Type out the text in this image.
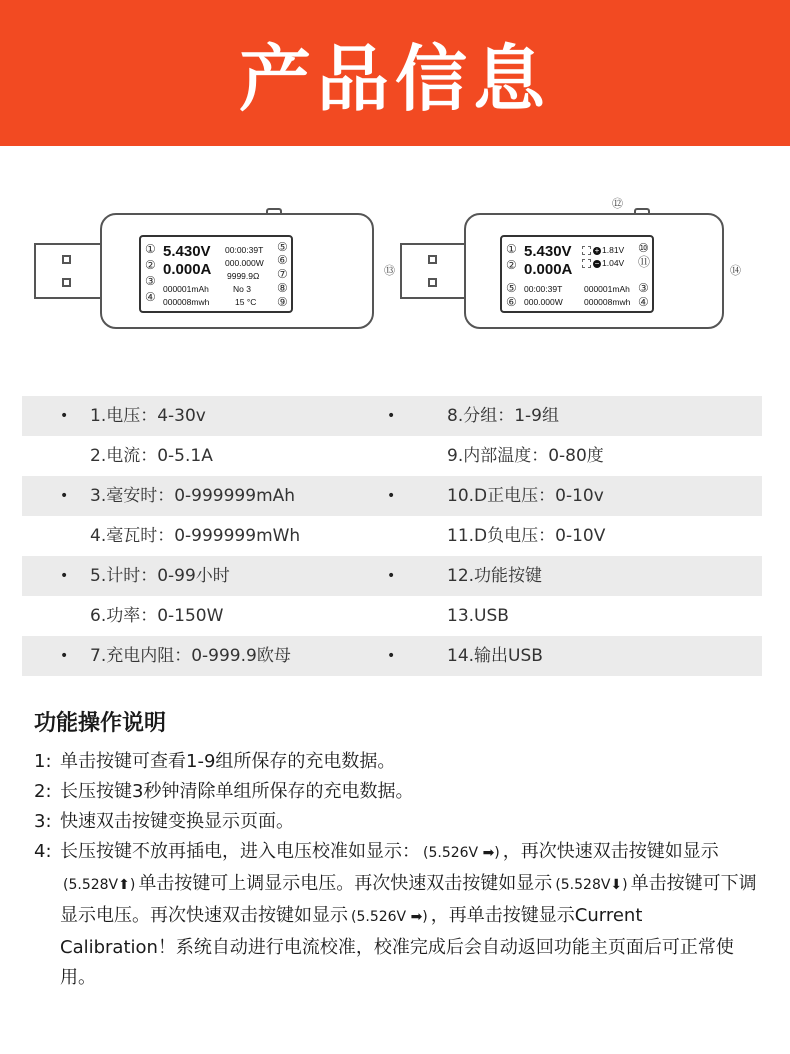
产品信息
5.430V
0.000A
000001mAh
000008mwh
00:00:39T
000.000W
9999.9Ω
No 3
15 °C
①
②
③
④
⑤
⑥
⑦
⑧
⑨
⑬
⑫
5.430V
0.000A
00:00:39T
000.000W
+ 1.81V
− 1.04V
000001mAh
000008mwh
①
②
⑤
⑥
⑩
⑪
③
④
⑭
• 1.电压：4-30v	•	8.分组：1-9组
2.电流：0-5.1A	9.内部温度：0-80度
• 3.毫安时：0-999999mAh	•	10.D正电压：0-10v
4.毫瓦时：0-999999mWh	11.D负电压：0-10V
• 5.计时：0-99小时	•	12.功能按键
6.功率：0-150W	13.USB
• 7.充电内阻：0-999.9欧母	•	14.输出USB
功能操作说明
1: 单击按键可查看1-9组所保存的充电数据。
2: 长压按键3秒钟清除单组所保存的充电数据。
3: 快速双击按键变换显示页面。
4: 长压按键不放再插电，进入电压校准如显示： (5.526V ➡) ，再次快速双击按键如显示(5.528V⬆) 单击按键可上调显示电压。再次快速双击按键如显示 (5.528V⬇) 单击按键可下调显示电压。再次快速双击按键如显示 (5.526V ➡) ，再单击按键显示Current Calibration！系统自动进行电流校准，校准完成后会自动返回功能主页面后可正常使用。
